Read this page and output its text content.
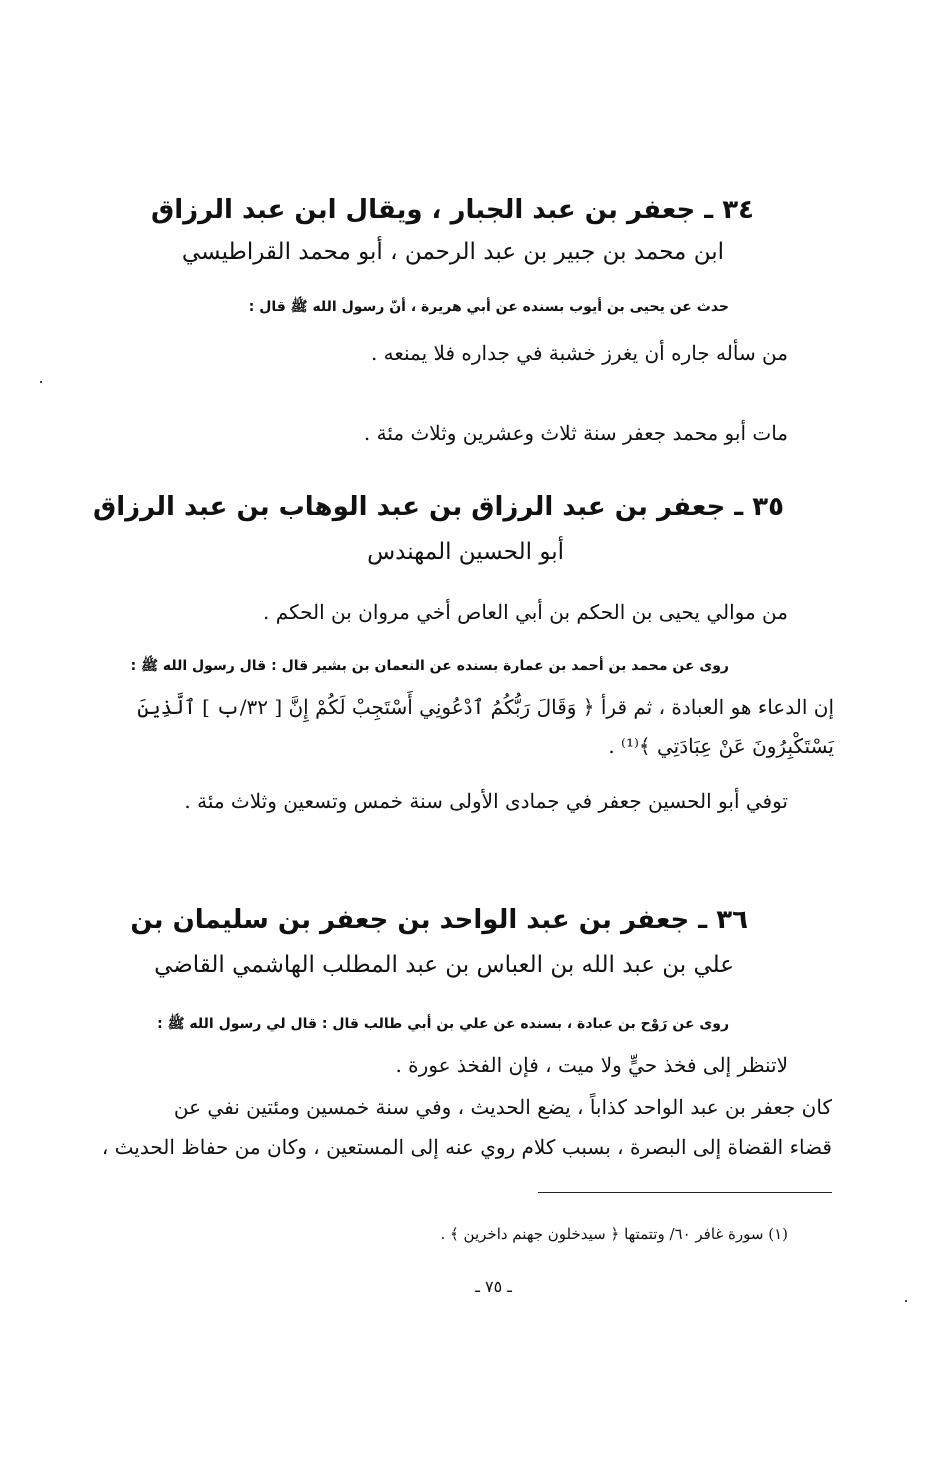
٣٤ ـ جعفر بن عبد الجبار ، ويقال ابن عبد الرزاق
ابن محمد بن جبير بن عبد الرحمن ، أبو محمد القراطيسي
حدث عن يحيى بن أيوب بسنده عن أبي هريرة ، أنّ رسول الله ﷺ قال :
من سأله جاره أن يغرز خشبة في جداره فلا يمنعه .
مات أبو محمد جعفر سنة ثلاث وعشرين وثلاث مئة .
٣٥ ـ جعفر بن عبد الرزاق بن عبد الوهاب بن عبد الرزاق
أبو الحسين المهندس
من موالي يحيى بن الحكم بن أبي العاص أخي مروان بن الحكم .
روى عن محمد بن أحمد بن عمارة بسنده عن النعمان بن بشير قال : قال رسول الله ﷺ :
إن الدعاء هو العبادة ، ثم قرأ ﴿ وَقَالَ رَبُّكُمُ ٱدْعُونِي أَسْتَجِبْ لَكُمْ إِنَّ [ ٣٢/ب ] ٱلَّذِينَ
يَسْتَكْبِرُونَ عَنْ عِبَادَتِي ﴾⁽¹⁾ .
توفي أبو الحسين جعفر في جمادى الأولى سنة خمس وتسعين وثلاث مئة .
٣٦ ـ جعفر بن عبد الواحد بن جعفر بن سليمان بن
علي بن عبد الله بن العباس بن عبد المطلب الهاشمي القاضي
روى عن رَوْح بن عبادة ، بسنده عن علي بن أبي طالب قال : قال لي رسول الله ﷺ :
لاتنظر إلى فخذ حيٍّ ولا ميت ، فإن الفخذ عورة .
كان جعفر بن عبد الواحد كذاباً ، يضع الحديث ، وفي سنة خمسين ومئتين نفي عن
قضاء القضاة إلى البصرة ، بسبب كلام روي عنه إلى المستعين ، وكان من حفاظ الحديث ،
(١) سورة غافر ٦٠/ وتتمتها ﴿ سيدخلون جهنم داخرين ﴾ .
ـ ٧٥ ـ
